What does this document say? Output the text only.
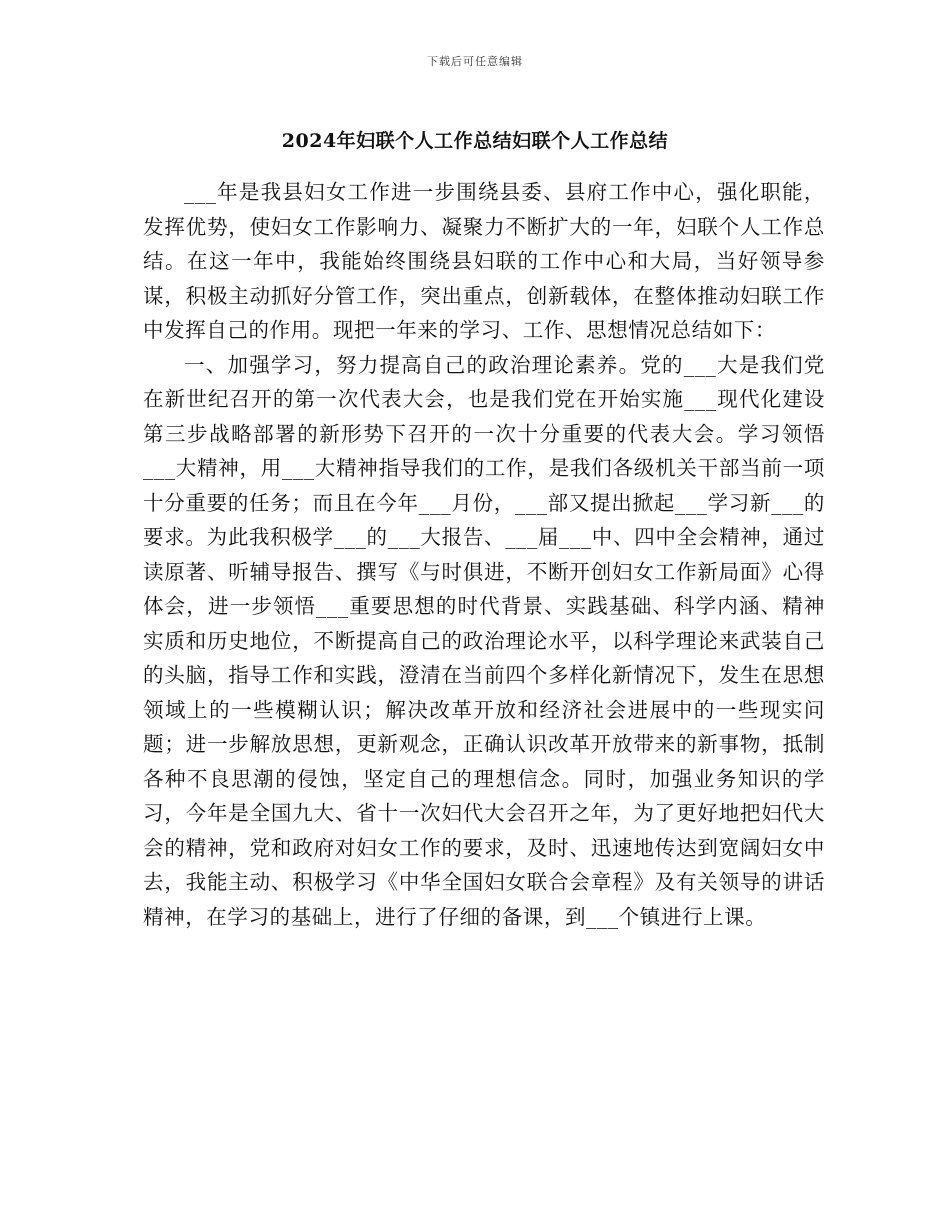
下载后可任意编辑
2024年妇联个人工作总结妇联个人工作总结

___年是我县妇女工作进一步围绕县委、县府工作中心，强化职能，发挥优势，使妇女工作影响力、凝聚力不断扩大的一年，妇联个人工作总结。在这一年中，我能始终围绕县妇联的工作中心和大局，当好领导参谋，积极主动抓好分管工作，突出重点，创新载体，在整体推动妇联工作中发挥自己的作用。现把一年来的学习、工作、思想情况总结如下：

一、加强学习，努力提高自己的政治理论素养。党的___大是我们党在新世纪召开的第一次代表大会，也是我们党在开始实施___现代化建设第三步战略部署的新形势下召开的一次十分重要的代表大会。学习领悟___大精神，用___大精神指导我们的工作，是我们各级机关干部当前一项十分重要的任务；而且在今年___月份，___部又提出掀起___学习新___的要求。为此我积极学___的___大报告、___届___中、四中全会精神，通过读原著、听辅导报告、撰写《与时俱进，不断开创妇女工作新局面》心得体会，进一步领悟___重要思想的时代背景、实践基础、科学内涵、精神实质和历史地位，不断提高自己的政治理论水平，以科学理论来武装自己的头脑，指导工作和实践，澄清在当前四个多样化新情况下，发生在思想领域上的一些模糊认识；解决改革开放和经济社会进展中的一些现实问题；进一步解放思想，更新观念，正确认识改革开放带来的新事物，抵制各种不良思潮的侵蚀，坚定自己的理想信念。同时，加强业务知识的学习，今年是全国九大、省十一次妇代大会召开之年，为了更好地把妇代大会的精神，党和政府对妇女工作的要求，及时、迅速地传达到宽阔妇女中去，我能主动、积极学习《中华全国妇女联合会章程》及有关领导的讲话精神，在学习的基础上，进行了仔细的备课，到___个镇进行上课。
